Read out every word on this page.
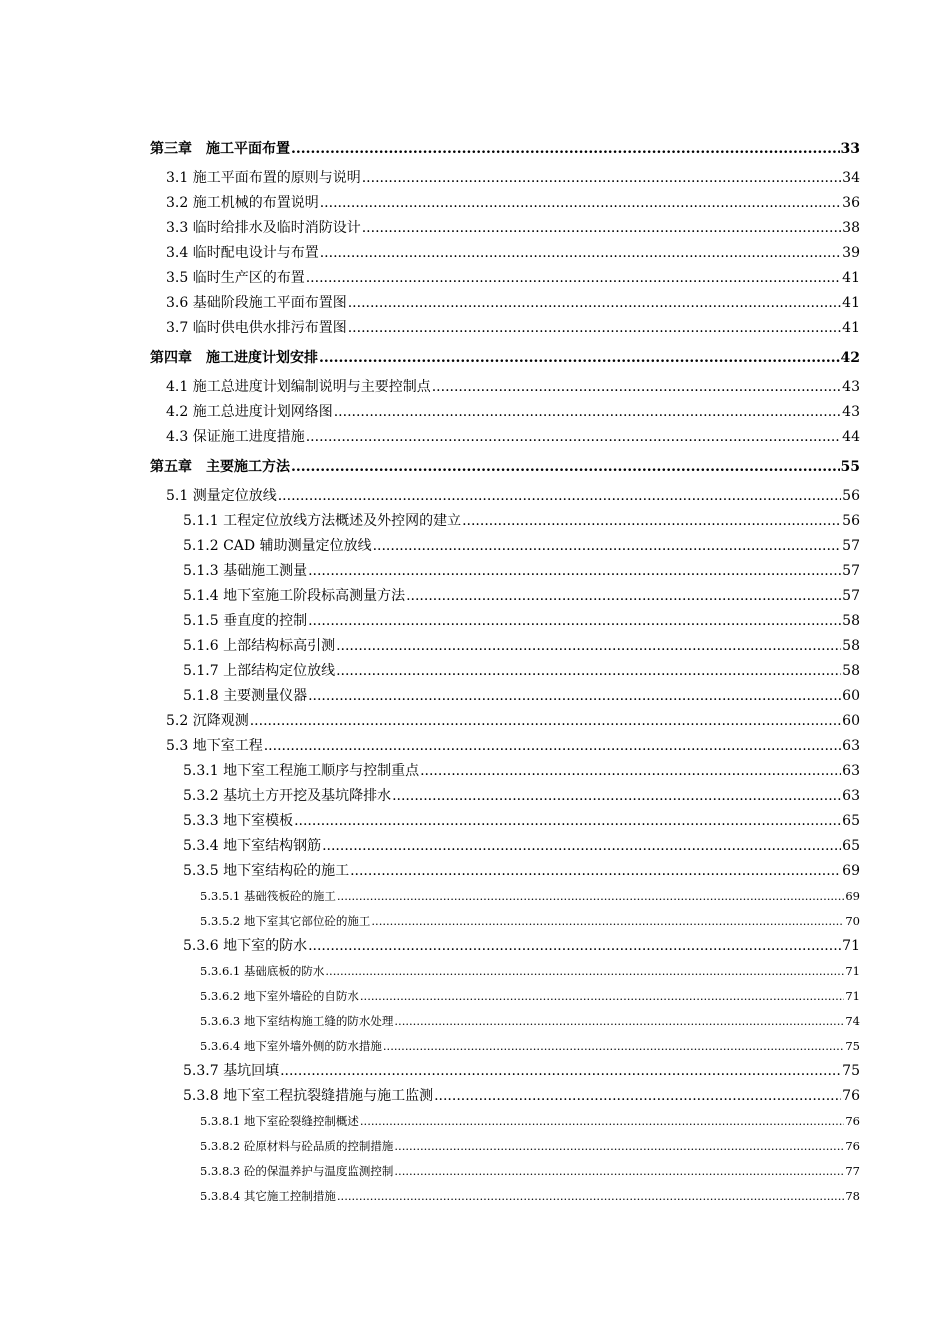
第三章　施工平面布置 .....	33
3.1 施工平面布置的原则与说明 .....	34
3.2 施工机械的布置说明 .....	36
3.3 临时给排水及临时消防设计 .....	38
3.4 临时配电设计与布置 .....	39
3.5 临时生产区的布置 .....	41
3.6 基础阶段施工平面布置图 .....	41
3.7 临时供电供水排污布置图 .....	41
第四章　施工进度计划安排 .....	42
4.1 施工总进度计划编制说明与主要控制点 .....	43
4.2 施工总进度计划网络图 .....	43
4.3 保证施工进度措施 .....	44
第五章　主要施工方法 .....	55
5.1 测量定位放线 .....	56
5.1.1 工程定位放线方法概述及外控网的建立 .....	56
5.1.2 CAD 辅助测量定位放线 .....	57
5.1.3 基础施工测量 .....	57
5.1.4 地下室施工阶段标高测量方法 .....	57
5.1.5 垂直度的控制 .....	58
5.1.6 上部结构标高引测 .....	58
5.1.7 上部结构定位放线 .....	58
5.1.8 主要测量仪器 .....	60
5.2 沉降观测 .....	60
5.3 地下室工程 .....	63
5.3.1 地下室工程施工顺序与控制重点 .....	63
5.3.2 基坑土方开挖及基坑降排水 .....	63
5.3.3 地下室模板 .....	65
5.3.4 地下室结构钢筋 .....	65
5.3.5 地下室结构砼的施工 .....	69
5.3.5.1 基础筏板砼的施工 .....	69
5.3.5.2 地下室其它部位砼的施工 .....	70
5.3.6 地下室的防水 .....	71
5.3.6.1 基础底板的防水 .....	71
5.3.6.2 地下室外墙砼的自防水 .....	71
5.3.6.3 地下室结构施工缝的防水处理 .....	74
5.3.6.4 地下室外墙外侧的防水措施 .....	75
5.3.7 基坑回填 .....	75
5.3.8 地下室工程抗裂缝措施与施工监测 .....	76
5.3.8.1 地下室砼裂缝控制概述 .....	76
5.3.8.2 砼原材料与砼品质的控制措施 .....	76
5.3.8.3 砼的保温养护与温度监测控制 .....	77
5.3.8.4 其它施工控制措施 .....	78
